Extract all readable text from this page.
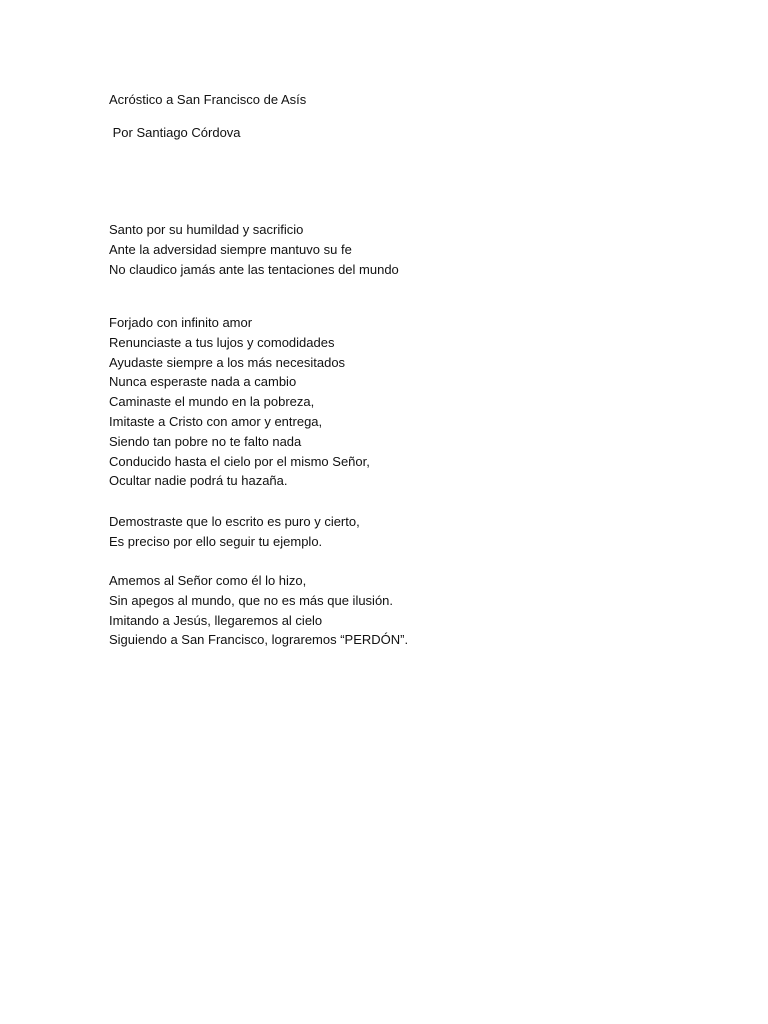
Acróstico a San Francisco de Asís
Por Santiago Córdova
Santo por su humildad y sacrificio
Ante la adversidad siempre mantuvo su fe
No claudico jamás ante las tentaciones del mundo
Forjado con infinito amor
Renunciaste a tus lujos y comodidades
Ayudaste siempre a los más necesitados
Nunca esperaste nada a cambio
Caminaste el mundo en la pobreza,
Imitaste a Cristo con amor y entrega,
Siendo tan pobre no te falto nada
Conducido hasta el cielo por el mismo Señor,
Ocultar nadie podrá tu hazaña.
Demostraste que lo escrito es puro y cierto,
Es preciso por ello seguir tu ejemplo.
Amemos al Señor como él lo hizo,
Sin apegos al mundo, que no es más que ilusión.
Imitando a Jesús, llegaremos al cielo
Siguiendo a San Francisco, lograremos “PERDÓN”.
